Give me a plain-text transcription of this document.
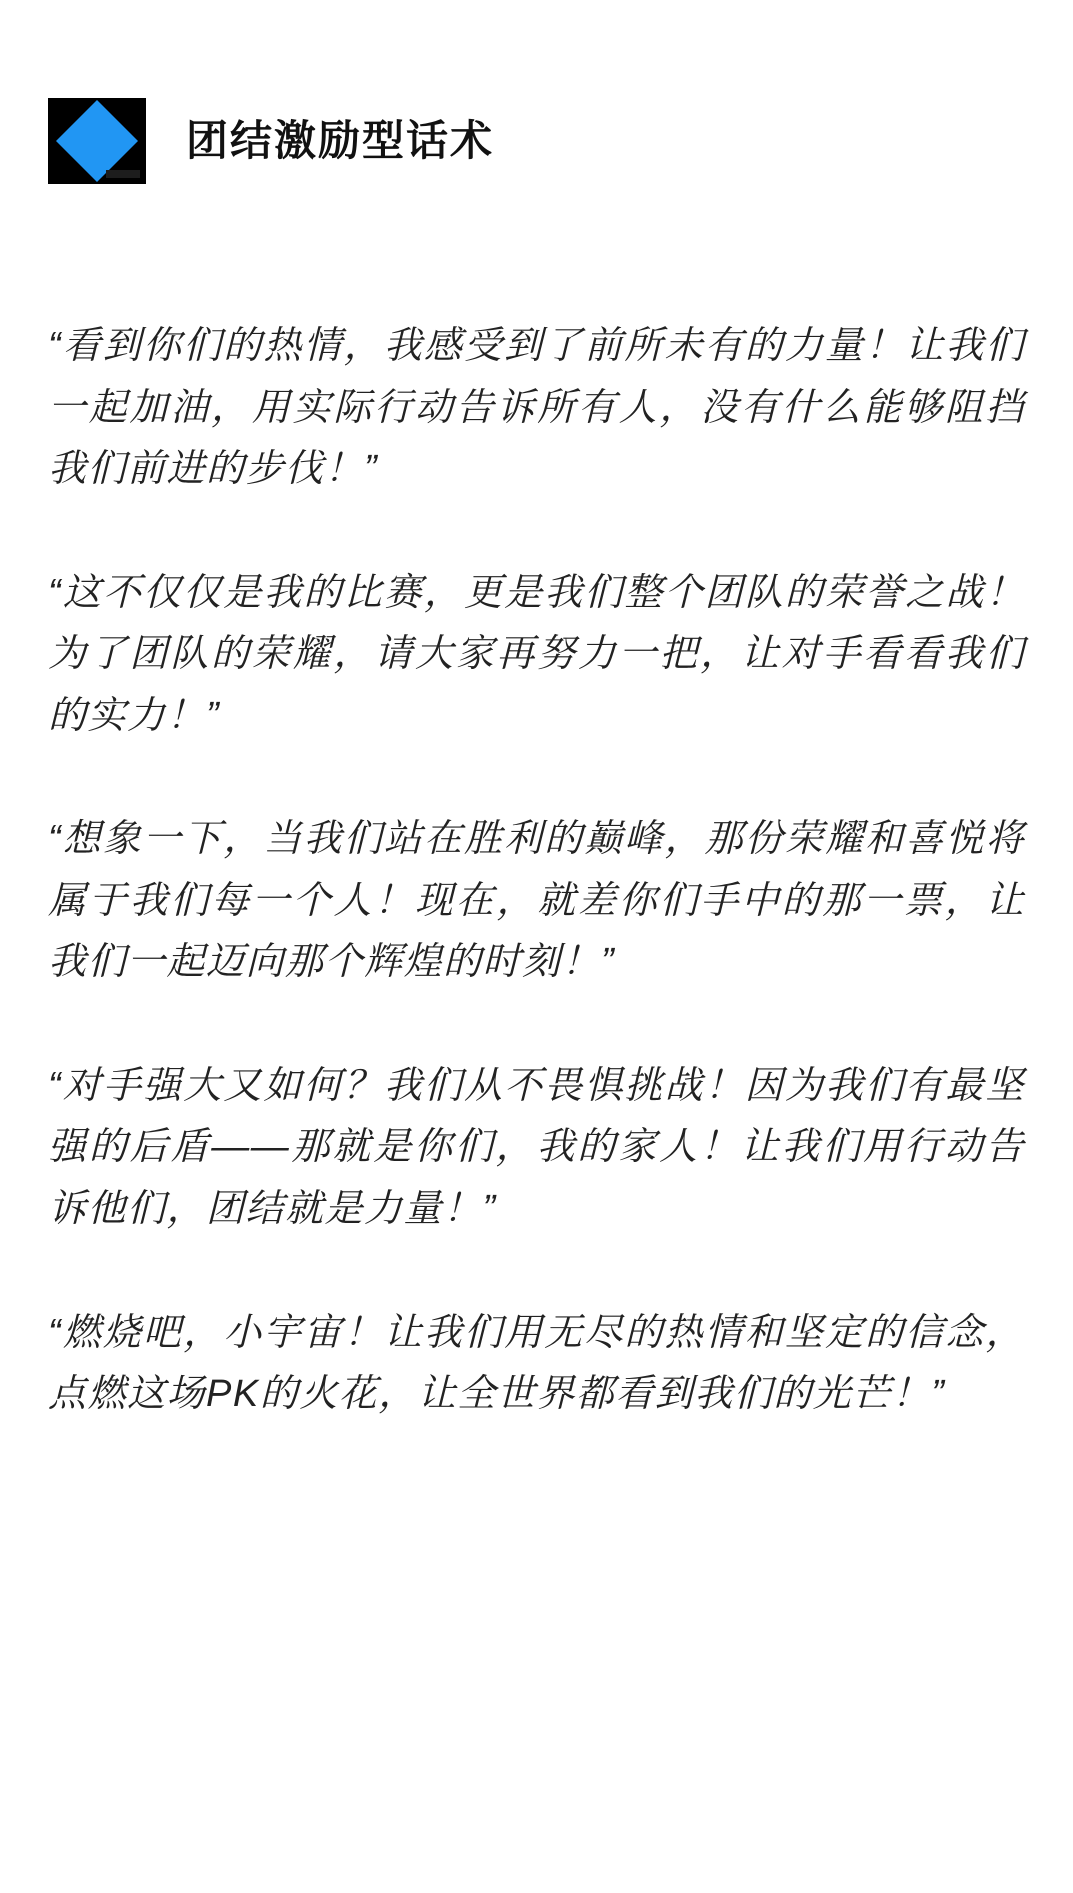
团结激励型话术

“看到你们的热情，我感受到了前所未有的力量！让我们一起加油，用实际行动告诉所有人，没有什么能够阻挡我们前进的步伐！”

“这不仅仅是我的比赛，更是我们整个团队的荣誉之战！为了团队的荣耀，请大家再努力一把，让对手看看我们的实力！”

“想象一下，当我们站在胜利的巅峰，那份荣耀和喜悦将属于我们每一个人！现在，就差你们手中的那一票，让我们一起迈向那个辉煌的时刻！”

“对手强大又如何？我们从不畏惧挑战！因为我们有最坚强的后盾——那就是你们，我的家人！让我们用行动告诉他们，团结就是力量！”

“燃烧吧，小宇宙！让我们用无尽的热情和坚定的信念，点燃这场PK的火花，让全世界都看到我们的光芒！”
